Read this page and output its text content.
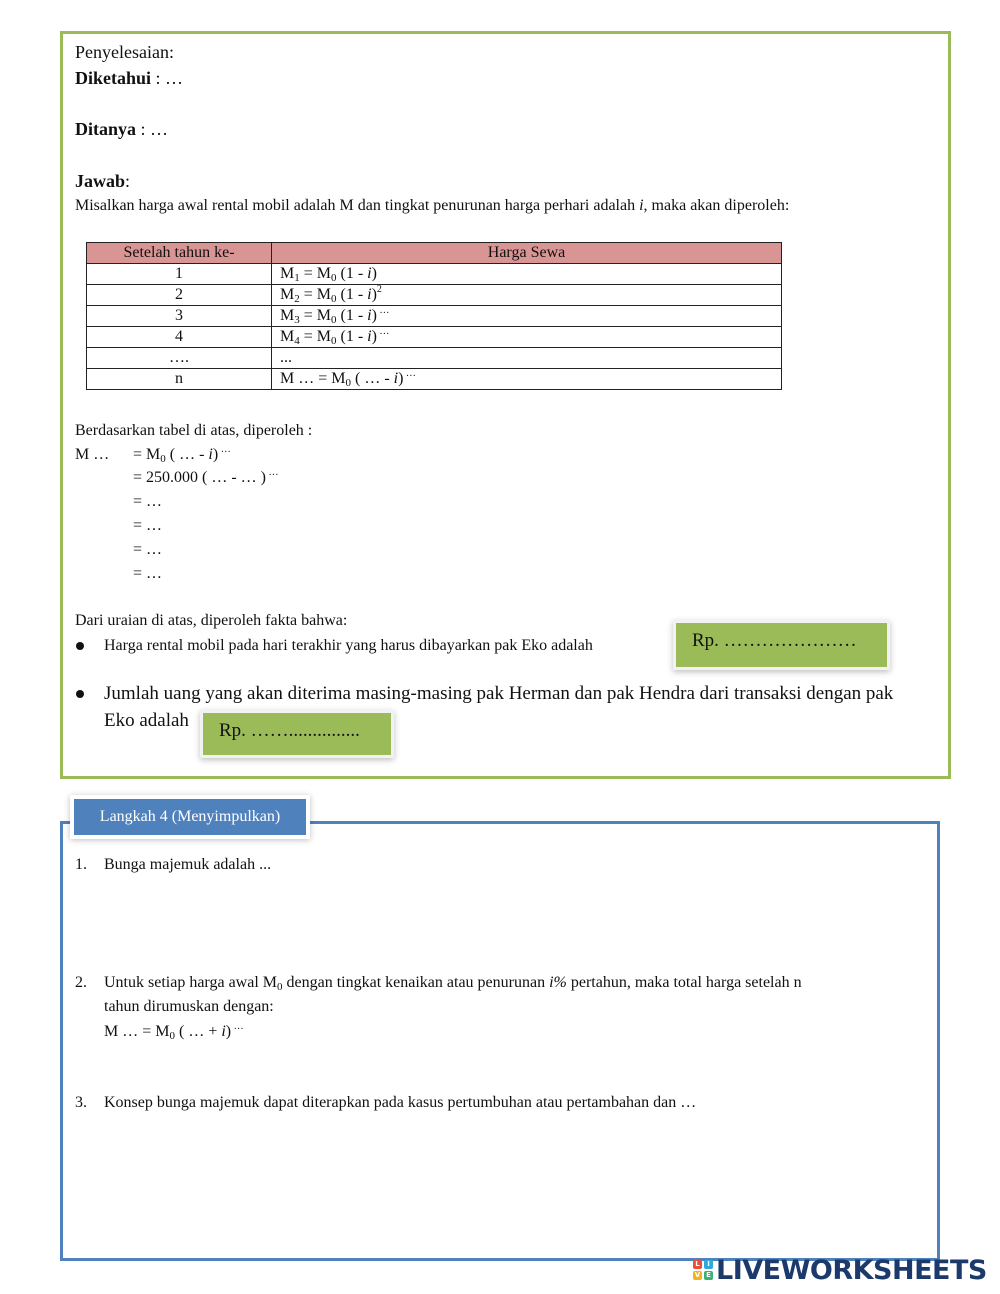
Penyelesaian:
Diketahui : …
Ditanya : …
Jawab:
Misalkan harga awal rental mobil adalah M dan tingkat penurunan harga perhari adalah i, maka akan diperoleh:
Setelah tahun ke-	Harga Sewa
1	$M_1 = M_0$ (1 - i)
2	$M_2 = M_0$ (1 - i)$^2$
3	$M_3 = M_0$ (1 - i) …
4	$M_4 = M_0$ (1 - i) …
….	...
n	M … = $M_0$ ( … - i) …
Berdasarkan tabel di atas, diperoleh :
M … = $M_0$ ( … - i) …
= 250.000 ( … - … ) …
= …
= …
= …
= …
Dari uraian di atas, diperoleh fakta bahwa:
Harga rental mobil pada hari terakhir yang harus dibayarkan pak Eko adalah	Rp. …………………
Jumlah uang yang akan diterima masing-masing pak Herman dan pak Hendra dari transaksi dengan pak
Eko adalah	Rp. ……...............
Langkah 4 (Menyimpulkan)
1. Bunga majemuk adalah ...
2. Untuk setiap harga awal $M_0$ dengan tingkat kenaikan atau penurunan i% pertahun, maka total harga setelah n
tahun dirumuskan dengan:
M … = $M_0$ ( … + i) …
3. Konsep bunga majemuk dapat diterapkan pada kasus pertumbuhan atau pertambahan dan …
L	I
V E LIVEWORKSHEETS
